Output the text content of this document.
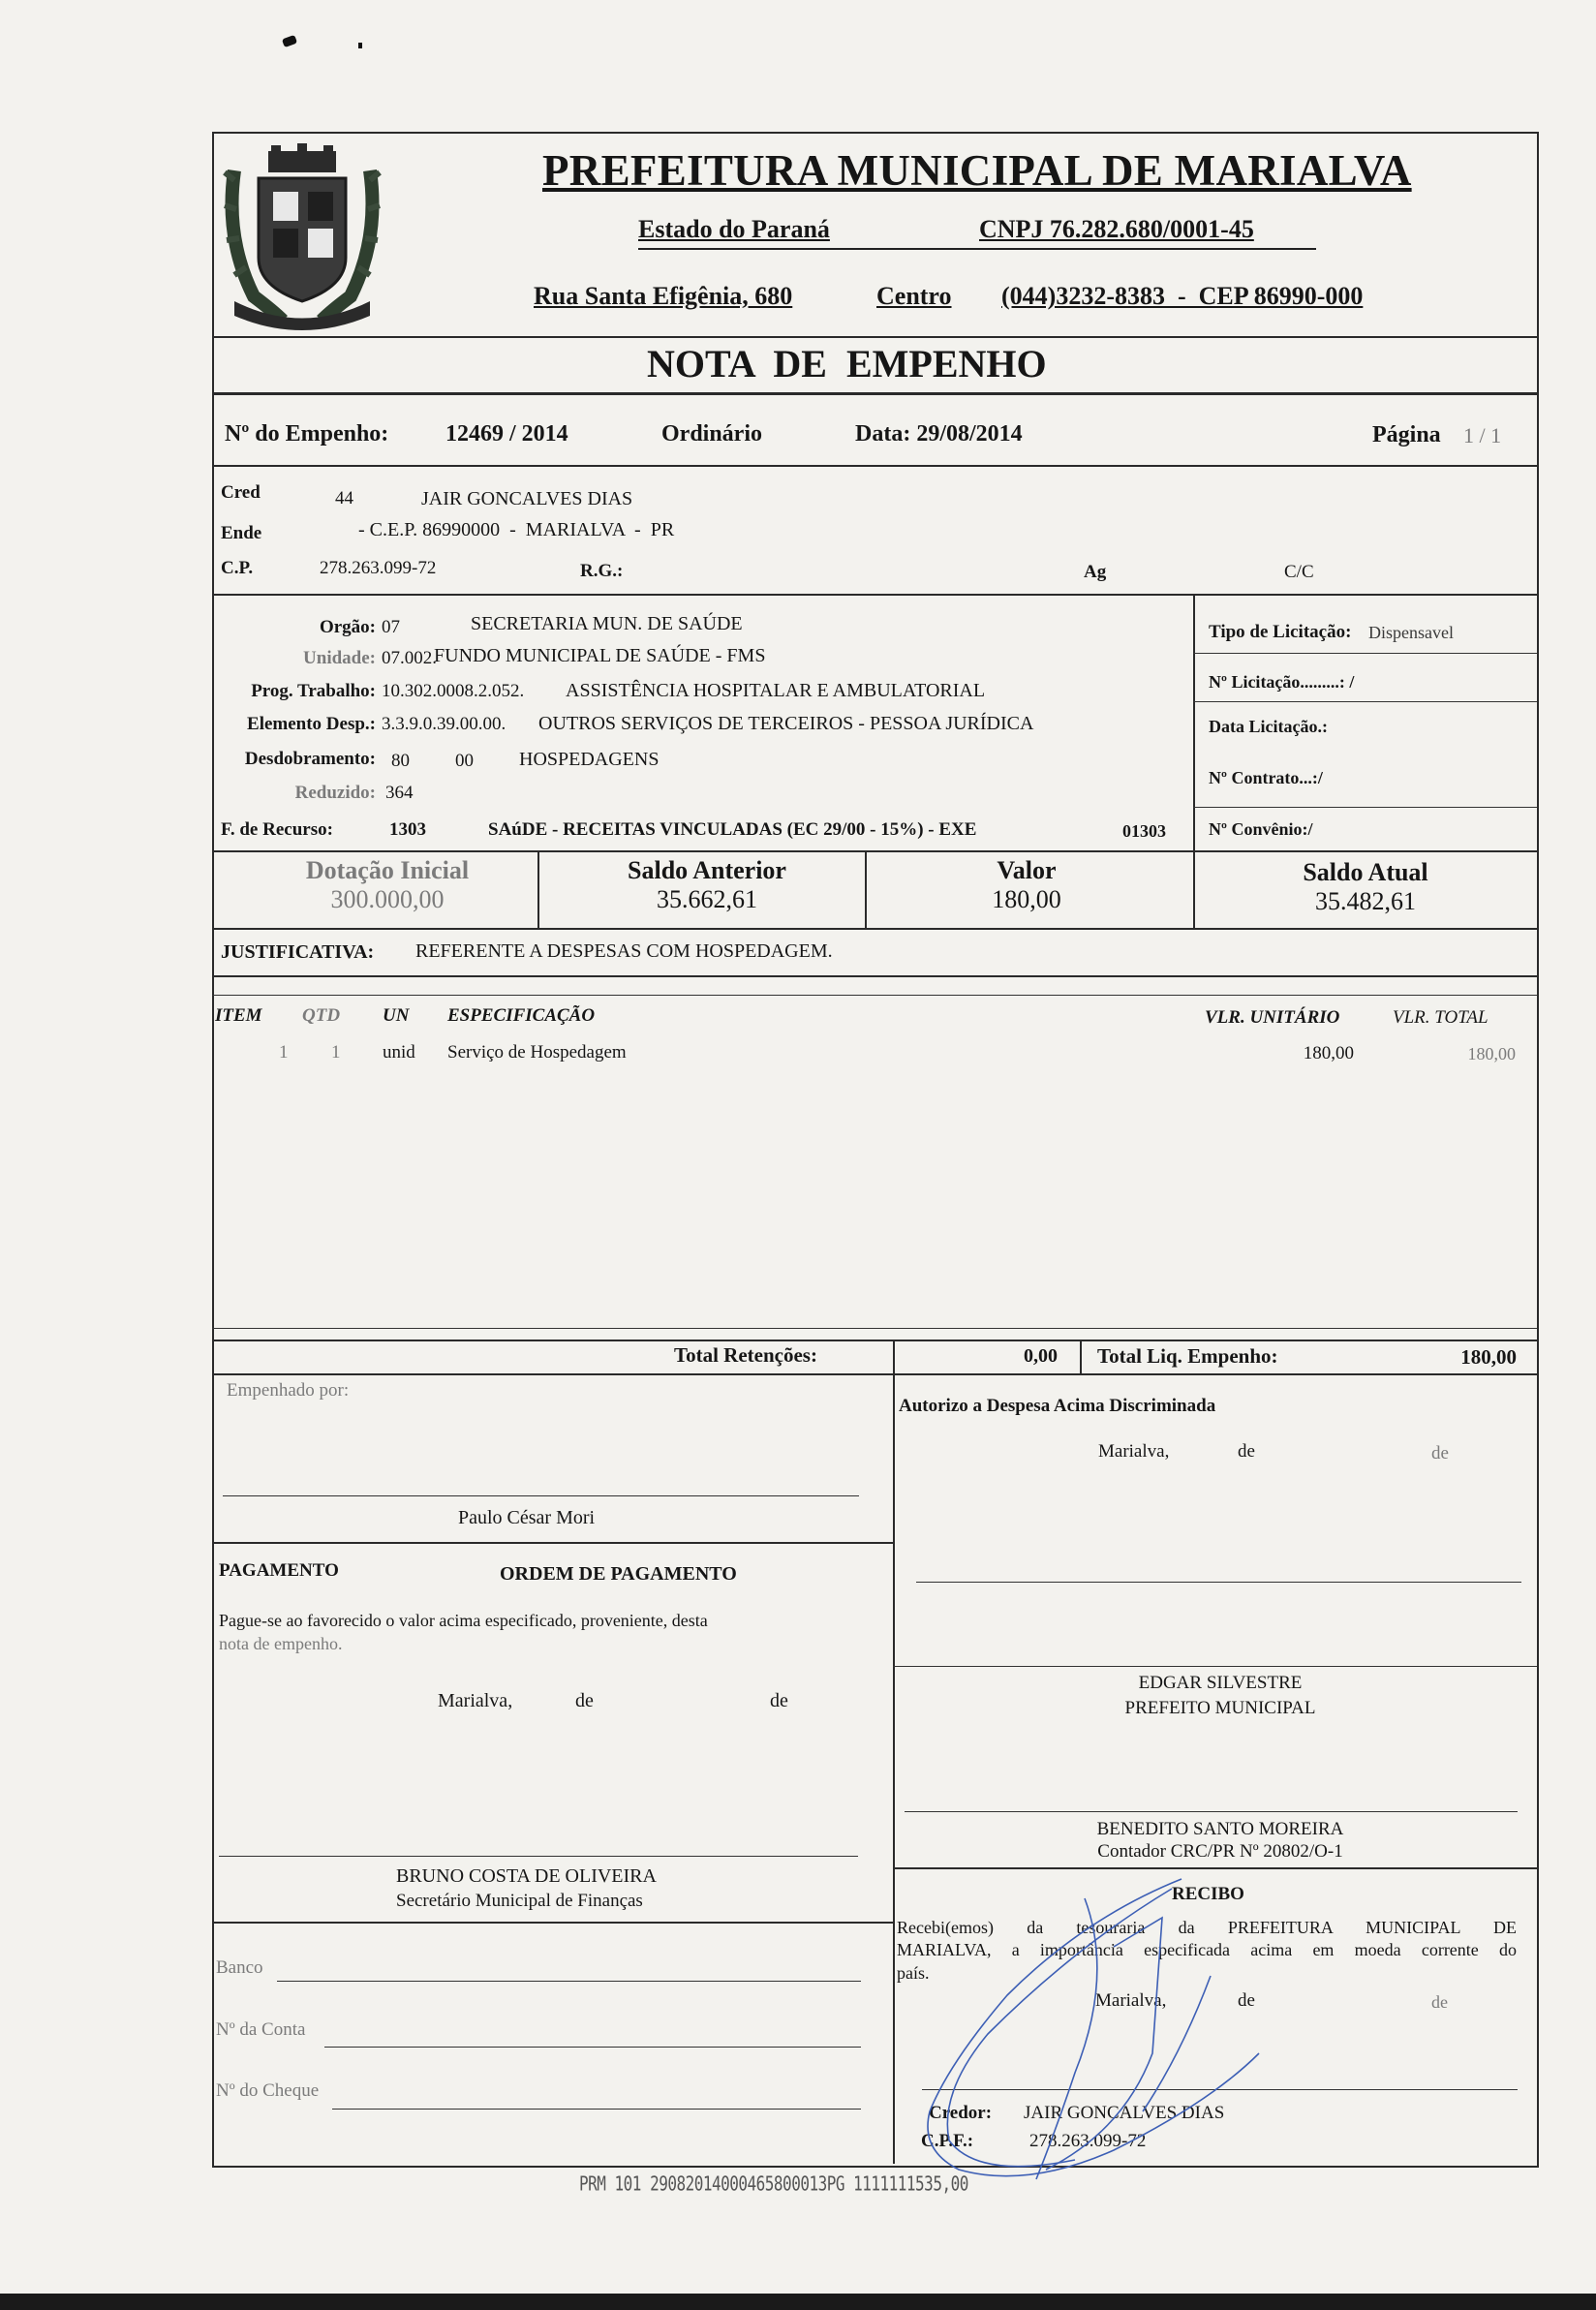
PREFEITURA MUNICIPAL DE MARIALVA
Estado do Paraná	CNPJ 76.282.680/0001-45
Rua Santa Efigênia, 680	Centro (044)3232-8383  -  CEP 86990-000
NOTA  DE  EMPENHO
Nº do Empenho: 12469 / 2014	Ordinário	Data: 29/08/2014	Página 1 / 1
Cred	44	JAIR GONCALVES DIAS
Ende	- C.E.P. 86990000  -  MARIALVA  -  PR
C.P.	278.263.099-72	R.G.:	Ag	C/C
Orgão: 07	SECRETARIA MUN. DE SAÚDE
Unidade: 07.002.
FUNDO MUNICIPAL DE SAÚDE - FMS
Prog. Trabalho: 10.302.0008.2.052. ASSISTÊNCIA HOSPITALAR E AMBULATORIAL
Elemento Desp.: 3.3.9.0.39.00.00. OUTROS SERVIÇOS DE TERCEIROS - PESSOA JURÍDICA
Desdobramento: 80 00 HOSPEDAGENS
Reduzido: 364
F. de Recurso:	1303	SAúDE - RECEITAS VINCULADAS (EC 29/00 - 15%) - EXE	01303
Tipo de Licitação: Dispensavel
Nº Licitação.........: /
Data Licitação.:
Nº Contrato...:/
Nº Convênio:/
Dotação Inicial
300.000,00
Saldo Anterior
35.662,61
Valor
180,00
Saldo Atual
35.482,61
JUSTIFICATIVA: REFERENTE A DESPESAS COM HOSPEDAGEM.
ITEM QTD UN ESPECIFICAÇÃO	VLR. UNITÁRIO	VLR. TOTAL
1 1 unid Serviço de Hospedagem	180,00	180,00
Total Retenções:	0,00 Total Liq. Empenho:	180,00
Empenhado por:
Paulo César Mori
Autorizo a Despesa Acima Discriminada
Marialva,	de	de
PAGAMENTO	ORDEM DE PAGAMENTO
Pague-se ao favorecido o valor acima especificado, proveniente, desta
nota de empenho.
Marialva,	de	de
BRUNO COSTA DE OLIVEIRA
Secretário Municipal de Finanças
EDGAR SILVESTRE
PREFEITO MUNICIPAL
BENEDITO SANTO MOREIRA
Contador CRC/PR Nº 20802/O-1
RECIBO
Recebi(emos) da tesouraria da PREFEITURA MUNICIPAL DE
MARIALVA, a importância especificada acima em moeda corrente do
país.
Marialva,	de	de
Credor: JAIR GONCALVES DIAS
C.P.F.:	278.263.099-72
Banco
Nº da Conta
Nº do Cheque
PRM 101 29082014000465800013PG 1111111535,00
